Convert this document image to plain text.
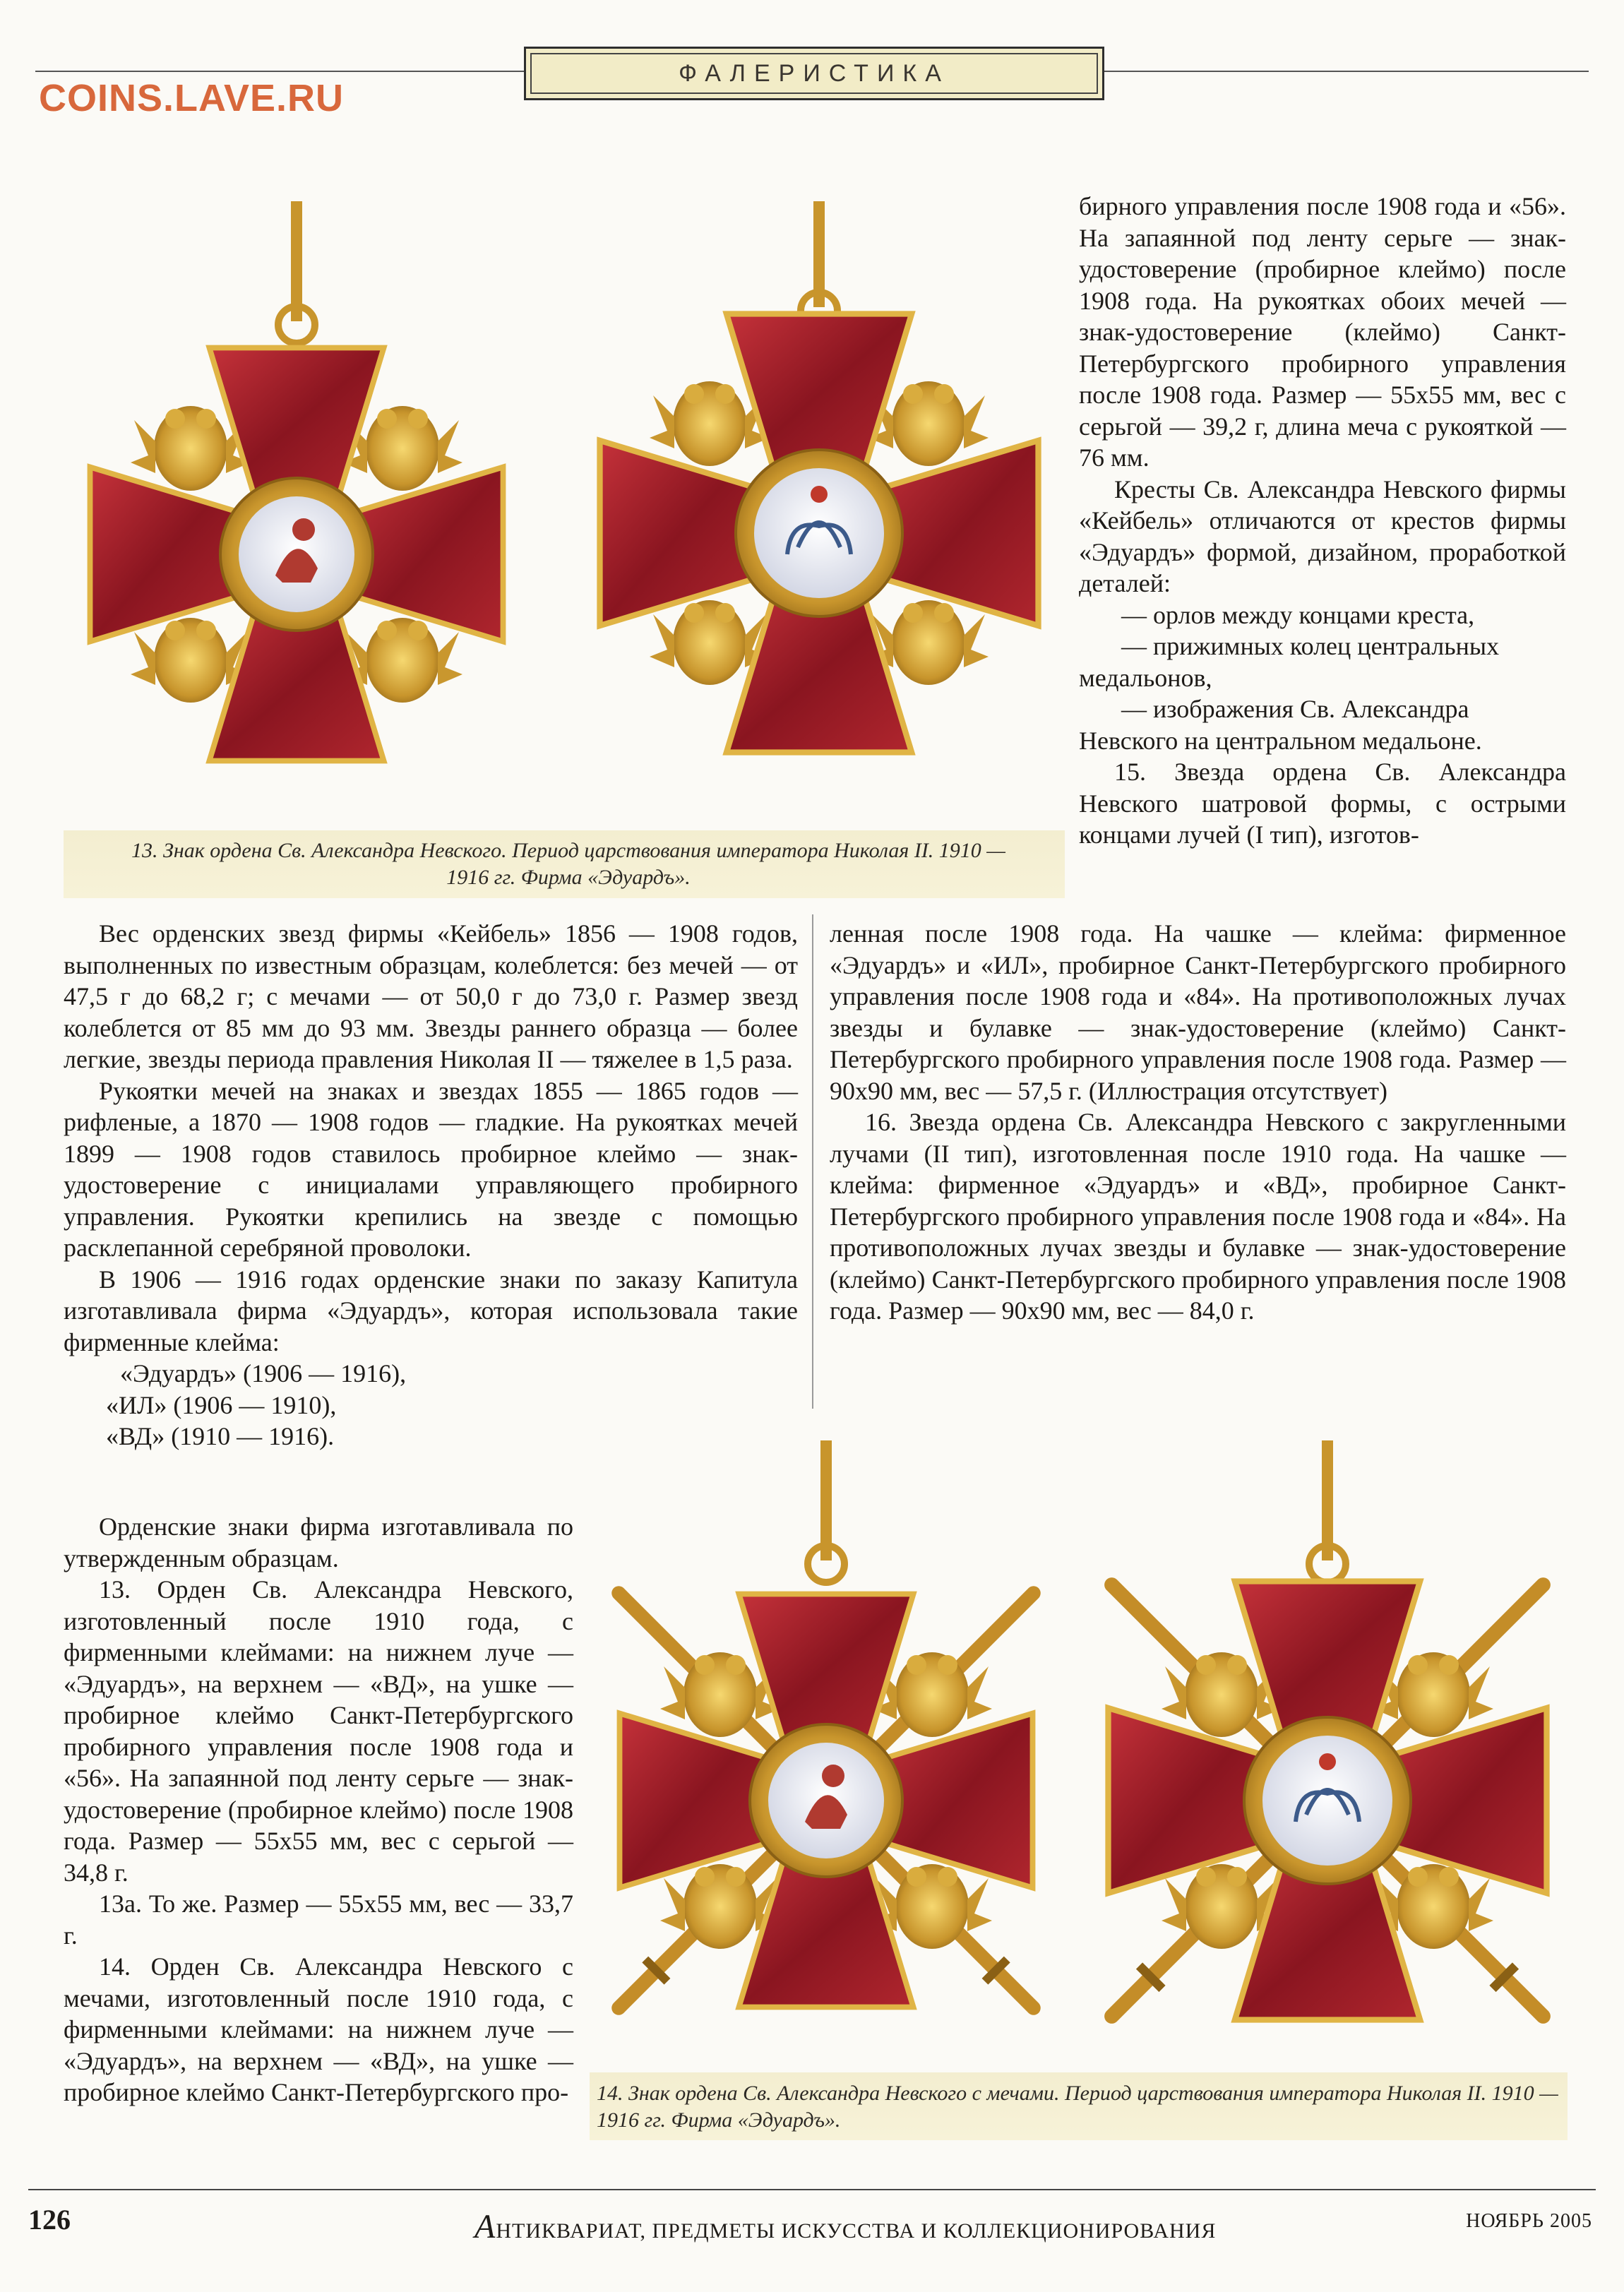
ФАЛЕРИСТИКА
COINS.LAVE.RU
13. Знак ордена Св. Александра Невского. Период царствования императора Николая II. 1910 — 1916 гг. Фирма «Эдуардъ».

Вес орденских звезд фирмы «Кейбель» 1856 — 1908 годов, выполненных по известным образцам, колеблется: без мечей — от 47,5 г до 68,2 г; с мечами — от 50,0 г до 73,0 г. Размер звезд колеблется от 85 мм до 93 мм. Звезды раннего образца — более легкие, звезды периода правления Николая II — тяжелее в 1,5 раза.

Рукоятки мечей на знаках и звездах 1855 — 1865 годов — рифленые, а 1870 — 1908 годов — гладкие. На рукоятках мечей 1899 — 1908 годов ставилось пробирное клеймо — знак-удостоверение с инициалами управляющего пробирного управления. Рукоятки крепились на звезде с помощью расклепанной серебряной проволоки.

В 1906 — 1916 годах орденские знаки по заказу Капитула изготавливала фирма «Эдуардъ», которая использовала такие фирменные клейма:

«Эдуардъ» (1906 — 1916),

«ИЛ» (1906 — 1910),

«ВД» (1910 — 1916).

Орденские знаки фирма изготавливала по утвержденным образцам.

13. Орден Св. Александра Невского, изготовленный после 1910 года, с фирменными клеймами: на нижнем луче — «Эдуардъ», на верхнем — «ВД», на ушке — пробирное клеймо Санкт-Петербургского пробирного управления после 1908 года и «56». На запаянной под ленту серьге — знак-удостоверение (пробирное клеймо) после 1908 года. Размер — 55х55 мм, вес с серьгой — 34,8 г.

13а. То же. Размер — 55х55 мм, вес — 33,7 г.

14. Орден Св. Александра Невского с мечами, изготовленный после 1910 года, с фирменными клеймами: на нижнем луче — «Эдуардъ», на верхнем — «ВД», на ушке — пробирное клеймо Санкт-Петербургского про-

бирного управления после 1908 года и «56». На запаянной под ленту серьге — знак-удостоверение (пробирное клеймо) после 1908 года. На рукоятках обоих мечей — знак-удостоверение (клеймо) Санкт-Петербургского пробирного управления после 1908 года. Размер — 55х55 мм, вес с серьгой — 39,2 г, длина меча с рукояткой — 76 мм.

Кресты Св. Александра Невского фирмы «Кейбель» отличаются от крестов фирмы «Эдуардъ» формой, дизайном, проработкой деталей:

— орлов между концами креста,

— прижимных колец центральных медальонов,

— изображения Св. Александра Невского на центральном медальоне.

15. Звезда ордена Св. Александра Невского шатровой формы, с острыми концами лучей (I тип), изготов-

ленная после 1908 года. На чашке — клейма: фирменное «Эдуардъ» и «ИЛ», пробирное Санкт-Петербургского пробирного управления после 1908 года и «84». На противоположных лучах звезды и булавке — знак-удостоверение (клеймо) Санкт-Петербургского пробирного управления после 1908 года. Размер — 90х90 мм, вес — 57,5 г. (Иллюстрация отсутствует)

16. Звезда ордена Св. Александра Невского с закругленными лучами (II тип), изготовленная после 1910 года. На чашке — клейма: фирменное «Эдуардъ» и «ВД», пробирное Санкт-Петербургского пробирного управления после 1908 года и «84». На противоположных лучах звезды и булавке — знак-удостоверение (клеймо) Санкт-Петербургского пробирного управления после 1908 года. Размер — 90х90 мм, вес — 84,0 г.

14. Знак ордена Св. Александра Невского с мечами. Период царствования императора Николая II. 1910 — 1916 гг. Фирма «Эдуардъ».
126	АНТИКВАРИАТ, ПРЕДМЕТЫ ИСКУССТВА И КОЛЛЕКЦИОНИРОВАНИЯ	НОЯБРЬ 2005
